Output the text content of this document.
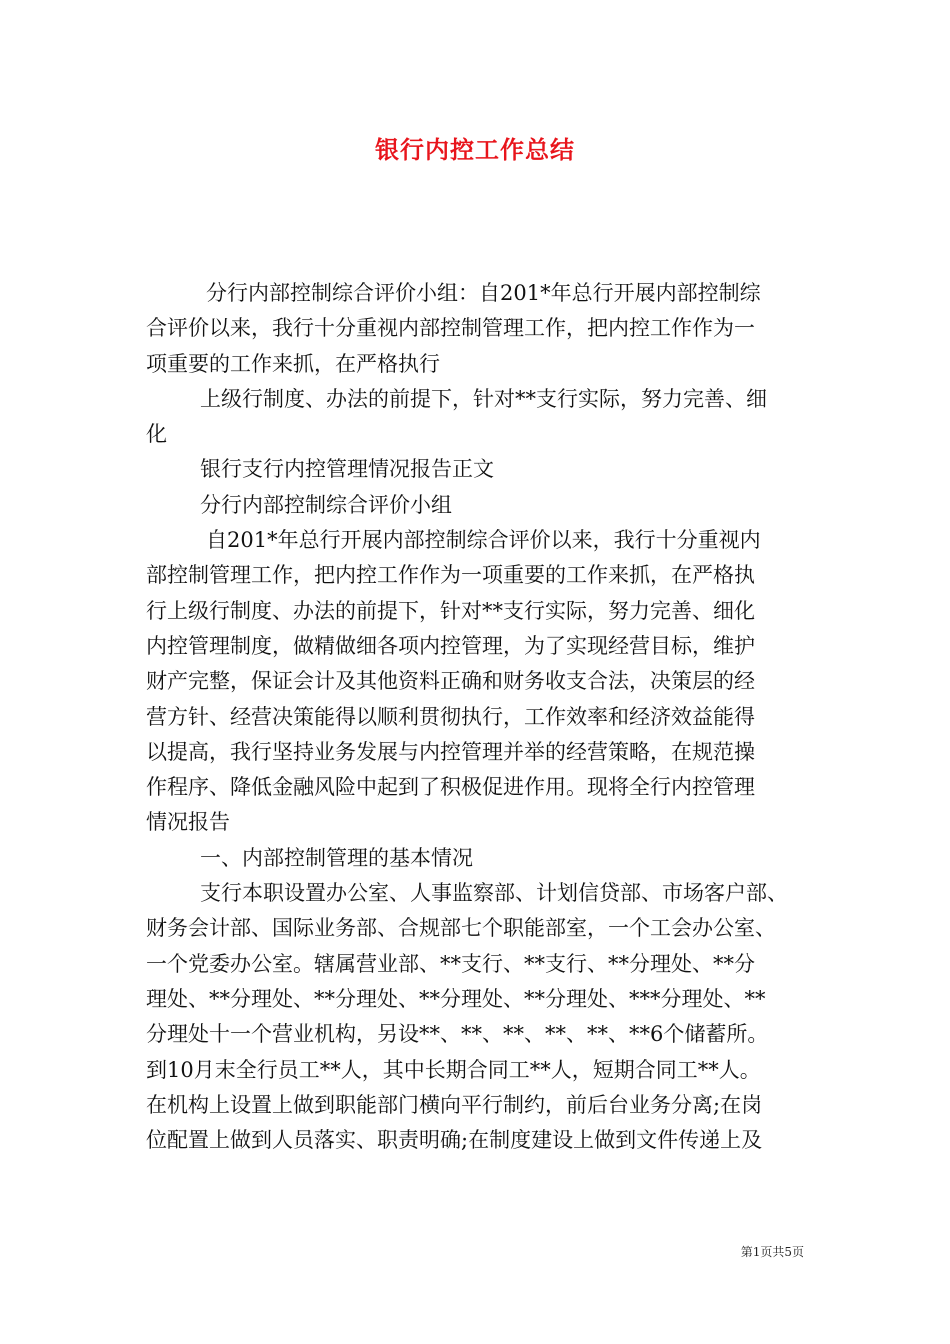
银行内控工作总结
分行内部控制综合评价小组：自201*年总行开展内部控制综
合评价以来，我行十分重视内部控制管理工作，把内控工作作为一
项重要的工作来抓，在严格执行
上级行制度、办法的前提下，针对**支行实际，努力完善、细
化
银行支行内控管理情况报告正文
分行内部控制综合评价小组
自201*年总行开展内部控制综合评价以来，我行十分重视内
部控制管理工作，把内控工作作为一项重要的工作来抓，在严格执
行上级行制度、办法的前提下，针对**支行实际，努力完善、细化
内控管理制度，做精做细各项内控管理，为了实现经营目标，维护
财产完整，保证会计及其他资料正确和财务收支合法，决策层的经
营方针、经营决策能得以顺利贯彻执行，工作效率和经济效益能得
以提高，我行坚持业务发展与内控管理并举的经营策略，在规范操
作程序、降低金融风险中起到了积极促进作用。现将全行内控管理
情况报告
一、内部控制管理的基本情况
支行本职设置办公室、人事监察部、计划信贷部、市场客户部、
财务会计部、国际业务部、合规部七个职能部室，一个工会办公室、
一个党委办公室。辖属营业部、**支行、**支行、**分理处、**分
理处、**分理处、**分理处、**分理处、**分理处、***分理处、**
分理处十一个营业机构，另设**、**、**、**、**、**6个储蓄所。
到10月末全行员工**人，其中长期合同工**人，短期合同工**人。
在机构上设置上做到职能部门横向平行制约，前后台业务分离;在岗
位配置上做到人员落实、职责明确;在制度建设上做到文件传递上及
第1页共5页
